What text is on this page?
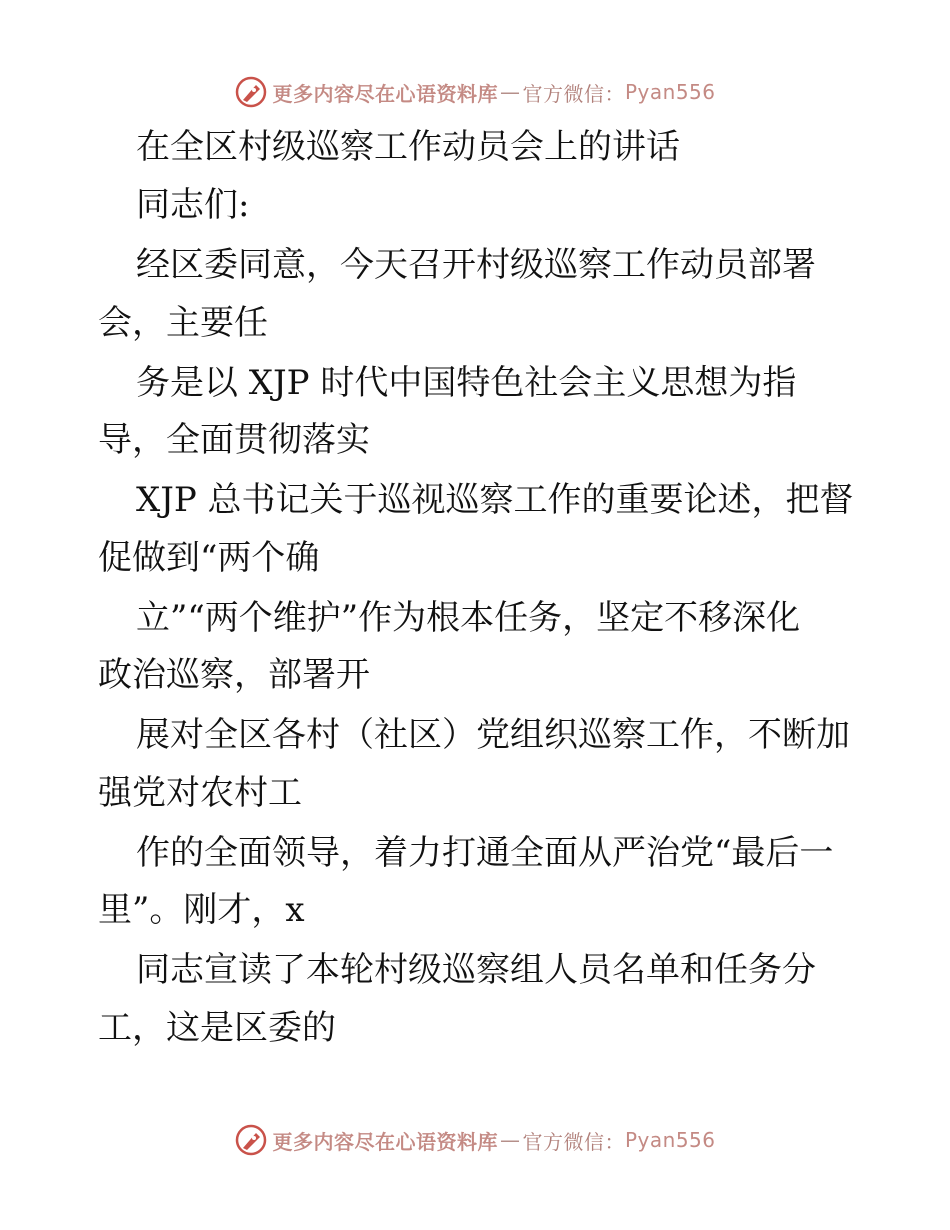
更多内容尽在心语资料库 — 官方微信： Pyan556
在全区村级巡察工作动员会上的讲话
同志们:
经区委同意，今天召开村级巡察工作动员部署
会，主要任
务是以 XJP 时代中国特色社会主义思想为指
导，全面贯彻落实
XJP 总书记关于巡视巡察工作的重要论述，把督
促做到“两个确
立”“两个维护”作为根本任务，坚定不移深化
政治巡察，部署开
展对全区各村（社区）党组织巡察工作，不断加
强党对农村工
作的全面领导，着力打通全面从严治党“最后一
里”。刚才，x
同志宣读了本轮村级巡察组人员名单和任务分
工，这是区委的
更多内容尽在心语资料库 — 官方微信： Pyan556
